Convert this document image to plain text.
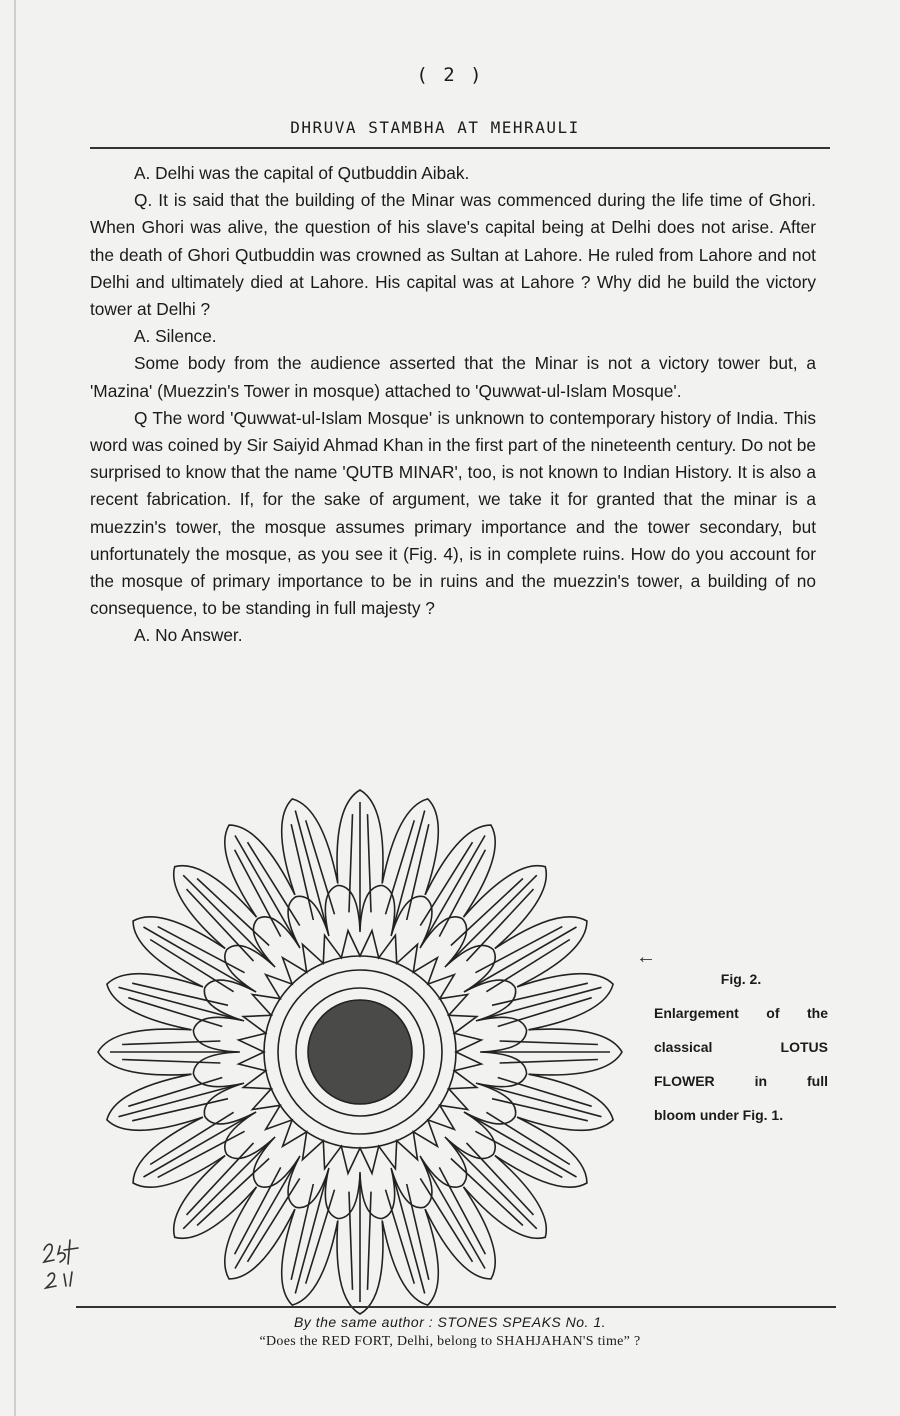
( 2 )
DHRUVA STAMBHA AT MEHRAULI

A. Delhi was the capital of Qutbuddin Aibak.

Q. It is said that the building of the Minar was commenced during the life time of Ghori. When Ghori was alive, the question of his slave's capital being at Delhi does not arise. After the death of Ghori Qutbuddin was crowned as Sultan at Lahore. He ruled from Lahore and not Delhi and ultimately died at Lahore. His capital was at Lahore ? Why did he build the victory tower at Delhi ?

A. Silence.

Some body from the audience asserted that the Minar is not a victory tower but, a 'Mazina' (Muezzin's Tower in mosque) attached to 'Quwwat-ul-Islam Mosque'.

Q The word 'Quwwat-ul-Islam Mosque' is unknown to contemporary history of India. This word was coined by Sir Saiyid Ahmad Khan in the first part of the nineteenth century. Do not be surprised to know that the name 'QUTB MINAR', too, is not known to Indian History. It is also a recent fabrication. If, for the sake of argument, we take it for granted that the minar is a muezzin's tower, the mosque assumes primary importance and the tower secondary, but unfortunately the mosque, as you see it (Fig. 4), is in complete ruins. How do you account for the mosque of primary importance to be in ruins and the muezzin's tower, a building of no consequence, to be standing in full majesty ?

A. No Answer.

←
Fig. 2.
Enlargement of the
classical LOTUS
FLOWER in full
bloom under Fig. 1.
By the same author : STONES SPEAKS No. 1.
“Does the RED FORT, Delhi, belong to SHAHJAHAN'S time” ?
